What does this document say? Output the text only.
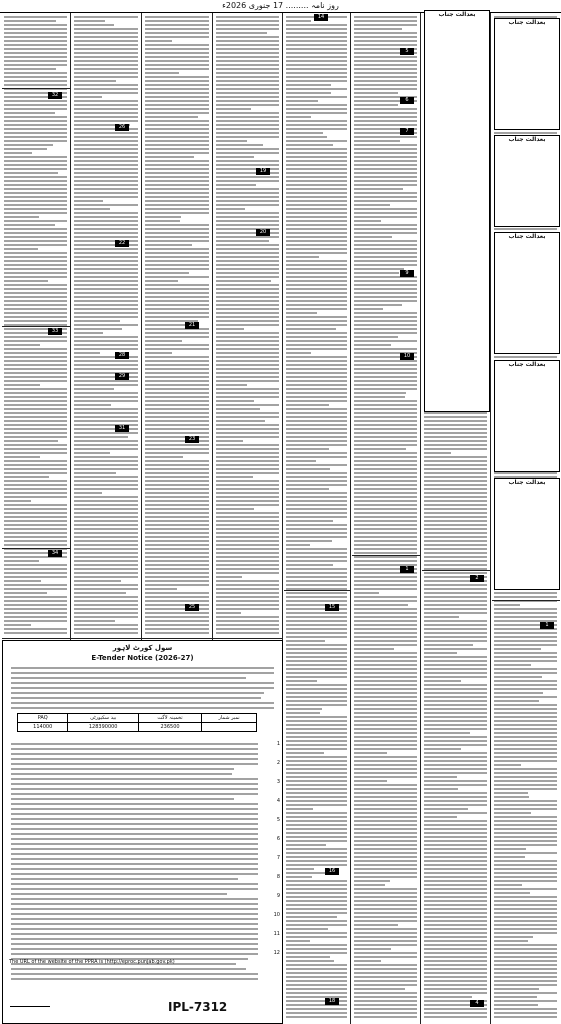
روز نامہ ......... 17 جنوری 2026ء
بعدالت جناب
بعدالت جناب
بعدالت جناب
بعدالت جناب
بعدالت جناب
بعدالت جناب
14
5
6
7
9
10
26
22
28
29
31
21
23
25
20
19
15
16
18
1
2
4
1
32
33
34
سول کورٹ لاہور
E-Tender Notice (2026-27)
PAQ	بید سکیورٹی	تخمینہ لاگت	نمبر شمار
114000	128390000	236500	
1
2
3
4
5
6
7
8
9
10
11
12
The URL of the website of the PPRA is (http://eproc.punjab.gov.pk)
IPL-7312
